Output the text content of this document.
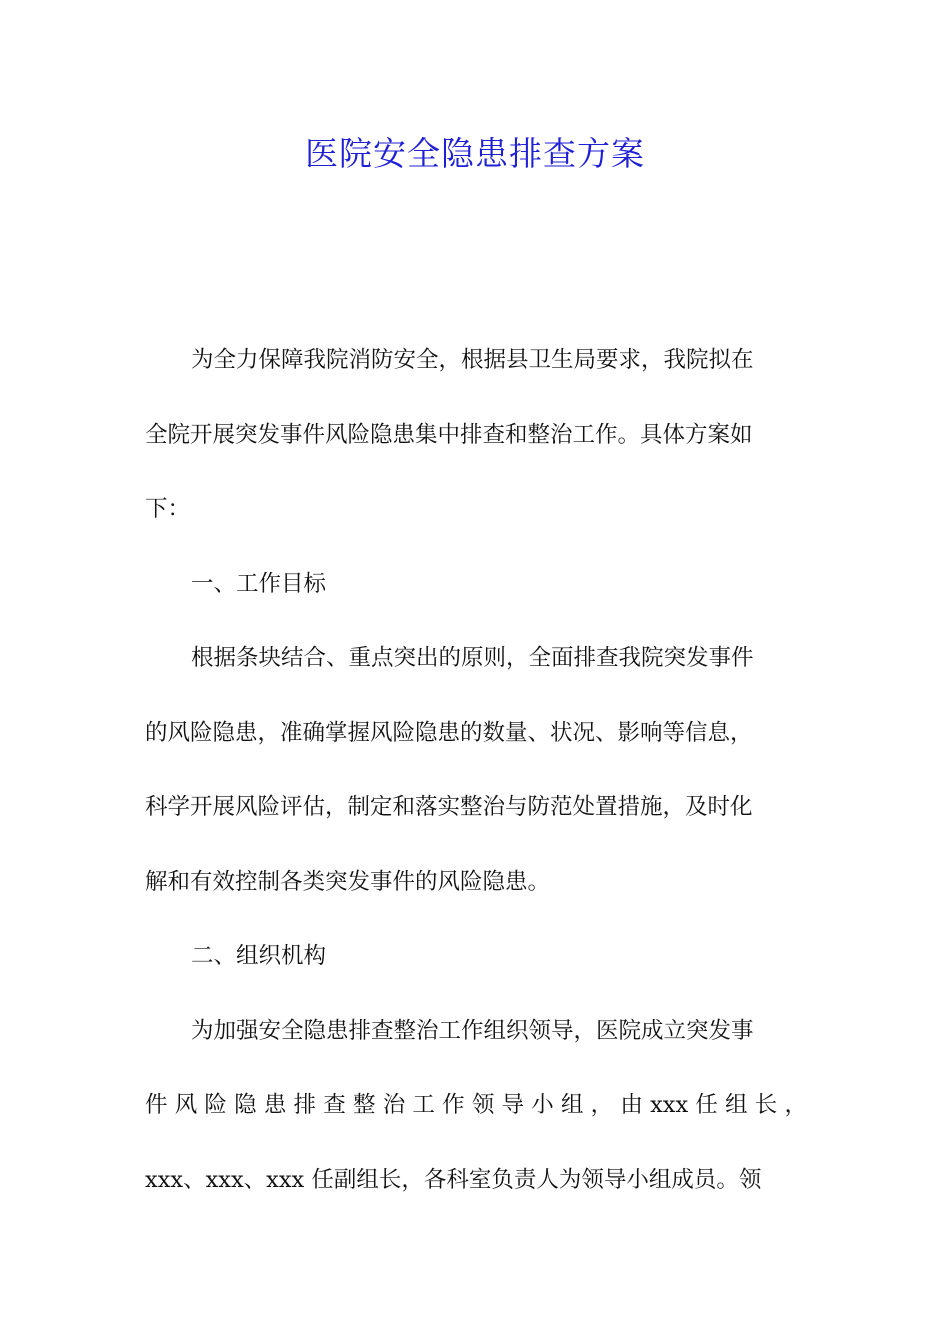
医院安全隐患排查方案
为全力保障我院消防安全，根据县卫生局要求，我院拟在
全院开展突发事件风险隐患集中排查和整治工作。具体方案如
下：
一、工作目标
根据条块结合、重点突出的原则，全面排查我院突发事件
的风险隐患，准确掌握风险隐患的数量、状况、影响等信息，
科学开展风险评估，制定和落实整治与防范处置措施，及时化
解和有效控制各类突发事件的风险隐患。
二、组织机构
为加强安全隐患排查整治工作组织领导，医院成立突发事
件 风 险 隐 患 排 查 整 治 工 作 领 导 小 组 ， 由 xxx 任 组 长 ，
xxx、xxx、xxx 任副组长，各科室负责人为领导小组成员。领
